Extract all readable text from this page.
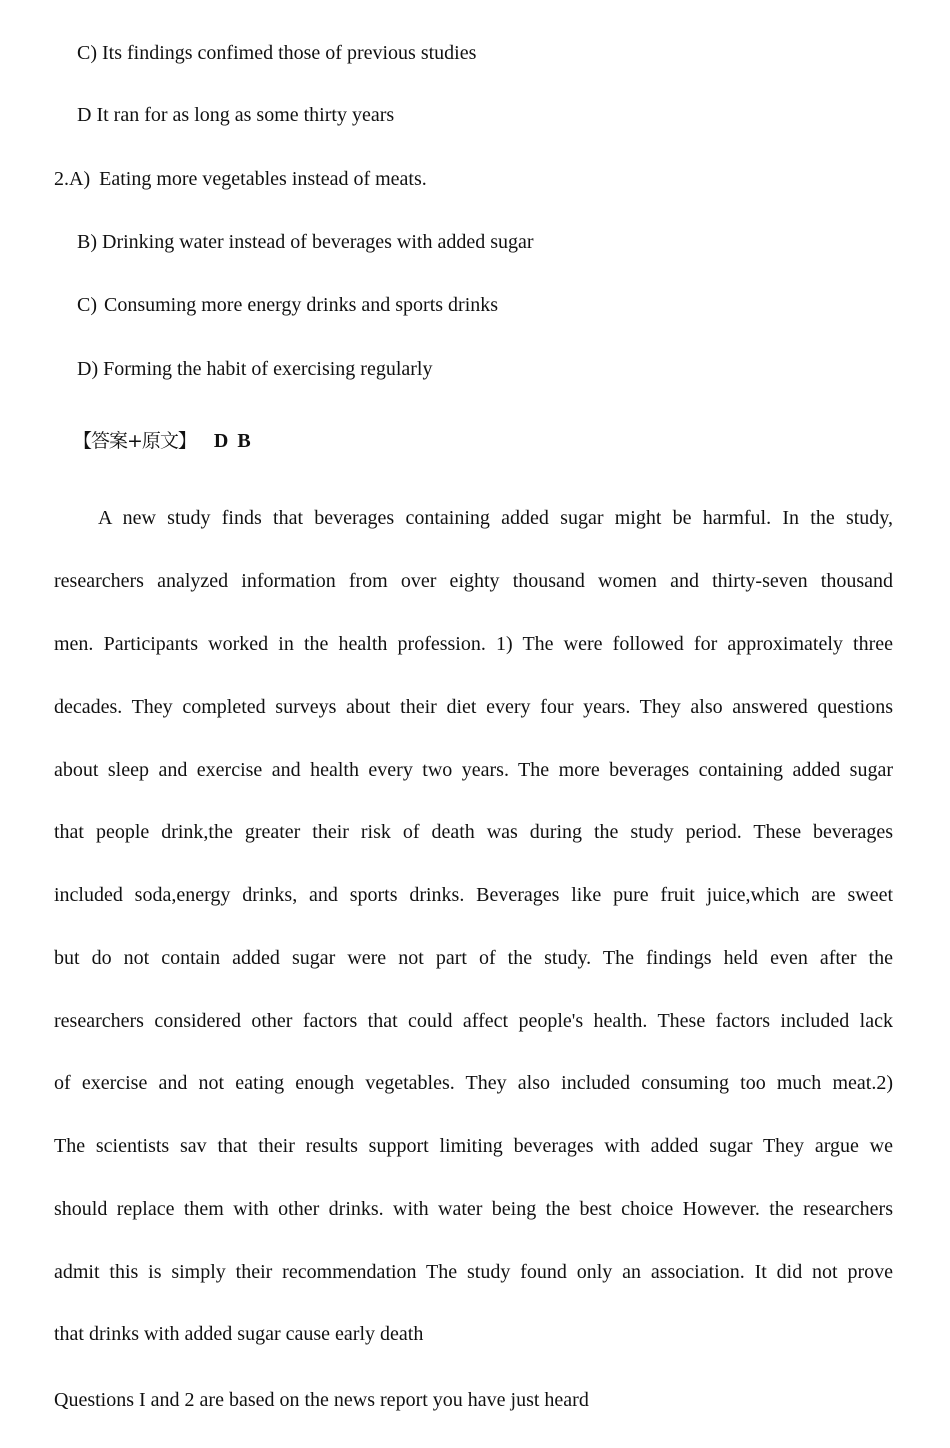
C) Its findings confimed those of previous studies

D It ran for as long as some thirty years

2.A) Eating more vegetables instead of meats.

B) Drinking water instead of beverages with added sugar

C) Consuming more energy drinks and sports drinks

D) Forming the habit of exercising regularly

【答案+原文】 D B

A new study finds that beverages containing added sugar might be harmful. In the study,

researchers analyzed information from over eighty thousand women and thirty-seven thousand

men. Participants worked in the health profession. 1) The were followed for approximately three

decades. They completed surveys about their diet every four years. They also answered questions

about sleep and exercise and health every two years. The more beverages containing added sugar

that people drink,the greater their risk of death was during the study period. These beverages

included soda,energy drinks, and sports drinks. Beverages like pure fruit juice,which are sweet

but do not contain added sugar were not part of the study. The findings held even after the

researchers considered other factors that could affect people's health. These factors included lack

of exercise and not eating enough vegetables. They also included consuming too much meat.2)

The scientists sav that their results support limiting beverages with added sugar They argue we

should replace them with other drinks. with water being the best choice However. the researchers

admit this is simply their recommendation The study found only an association. It did not prove

that drinks with added sugar cause early death

Questions I and 2 are based on the news report you have just heard
